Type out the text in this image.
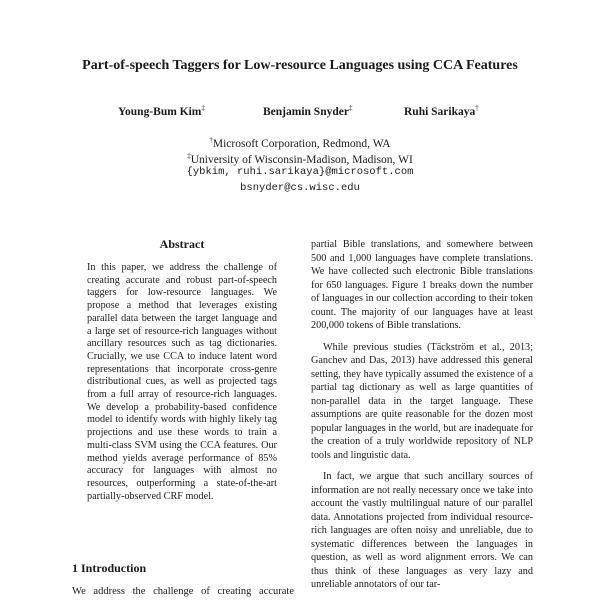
Part-of-speech Taggers for Low-resource Languages using CCA Features
Young-Bum Kim‡	Benjamin Snyder‡	Ruhi Sarikaya†
†Microsoft Corporation, Redmond, WA
‡University of Wisconsin-Madison, Madison, WI
{ybkim, ruhi.sarikaya}@microsoft.com
bsnyder@cs.wisc.edu
Abstract

In this paper, we address the challenge of creating accurate and robust part-of-speech taggers for low-resource languages. We propose a method that leverages existing parallel data between the target language and a large set of resource-rich languages without ancillary resources such as tag dictionaries. Crucially, we use CCA to induce latent word representations that incorporate cross-genre distributional cues, as well as projected tags from a full array of resource-rich languages. We develop a probability-based confidence model to identify words with highly likely tag projections and use these words to train a multi-class SVM using the CCA features. Our method yields average performance of 85% accuracy for languages with almost no resources, outperforming a state-of-the-art partially-observed CRF model.

1 Introduction

We address the challenge of creating accurate

partial Bible translations, and somewhere between 500 and 1,000 languages have complete translations. We have collected such electronic Bible translations for 650 languages. Figure 1 breaks down the number of languages in our collection according to their token count. The majority of our languages have at least 200,000 tokens of Bible translations.

While previous studies (Täckström et al., 2013; Ganchev and Das, 2013) have addressed this general setting, they have typically assumed the existence of a partial tag dictionary as well as large quantities of non-parallel data in the target language. These assumptions are quite reasonable for the dozen most popular languages in the world, but are inadequate for the creation of a truly worldwide repository of NLP tools and linguistic data.

In fact, we argue that such ancillary sources of information are not really necessary once we take into account the vastly multilingual nature of our parallel data. Annotations projected from individual resource-rich languages are often noisy and unreliable, due to systematic differences between the languages in question, as well as word alignment errors. We can thus think of these languages as very lazy and unreliable annotators of our tar-
